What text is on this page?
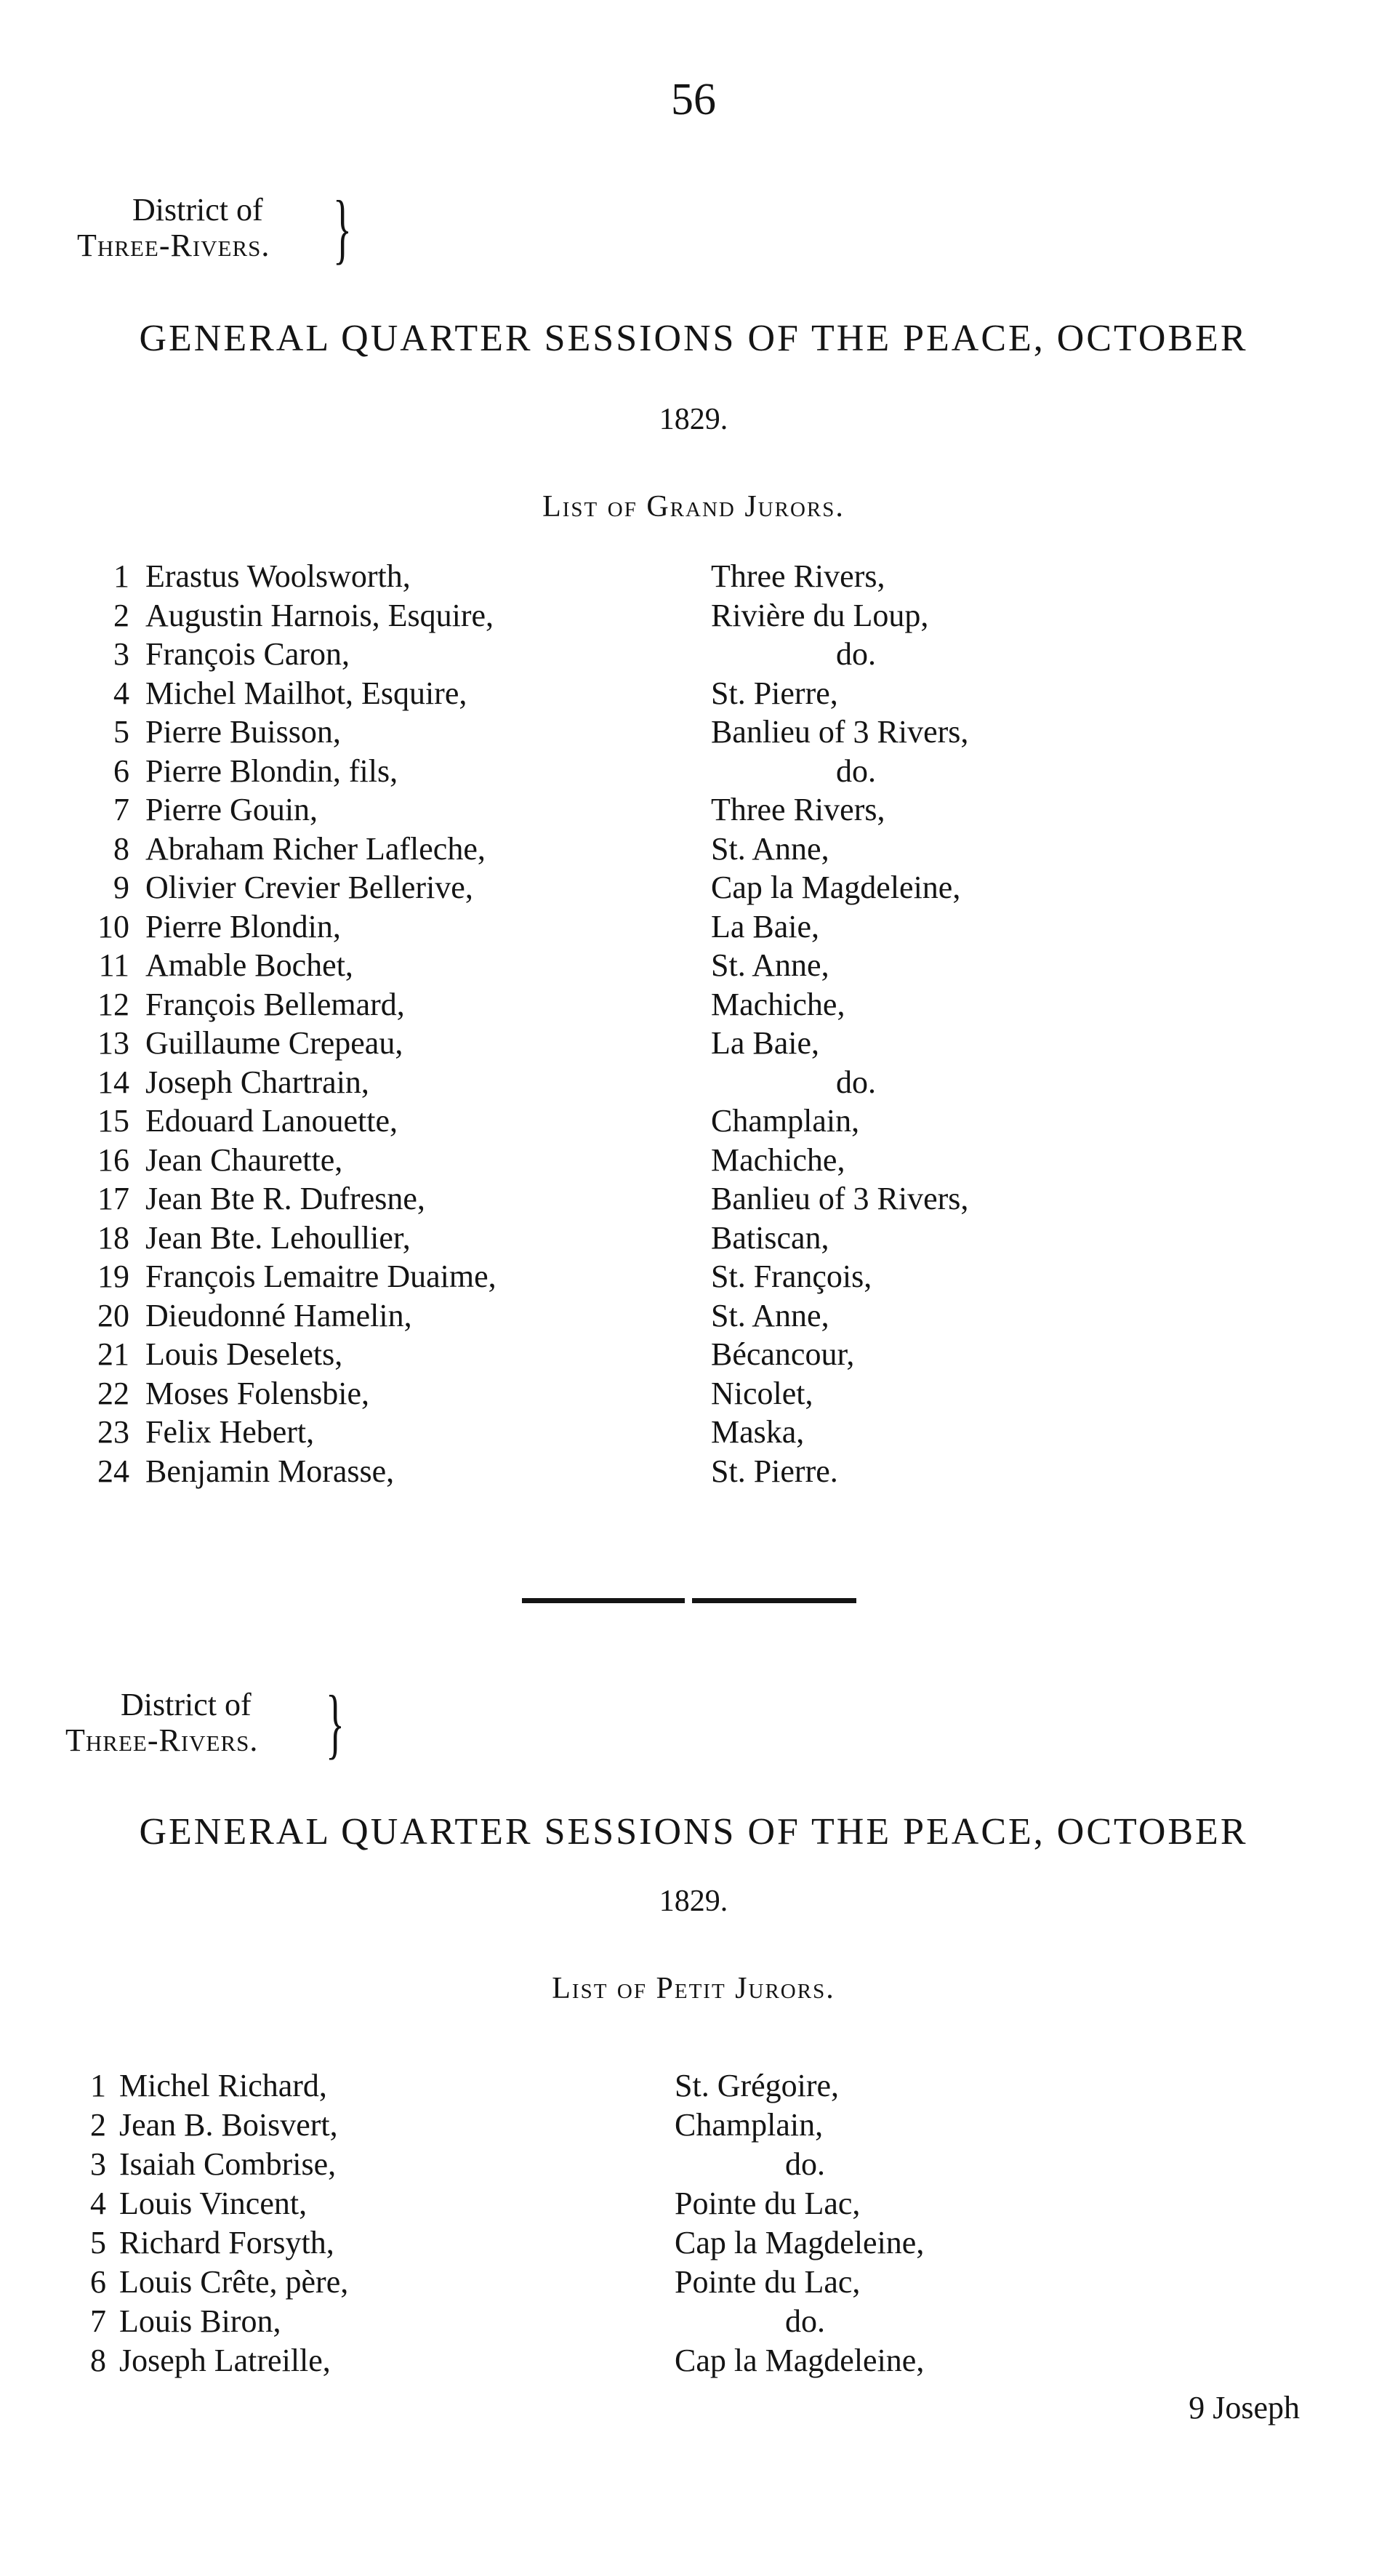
56
District of
Three-Rivers. }
GENERAL QUARTER SESSIONS OF THE PEACE, OCTOBER
1829.
List of Grand Jurors.
1 Erastus Woolsworth,	Three Rivers,
2 Augustin Harnois, Esquire,	Rivière du Loup,
3 François Caron,	do.
4 Michel Mailhot, Esquire,	St. Pierre,
5 Pierre Buisson,	Banlieu of 3 Rivers,
6 Pierre Blondin, fils,	do.
7 Pierre Gouin,	Three Rivers,
8 Abraham Richer Lafleche,	St. Anne,
9 Olivier Crevier Bellerive,	Cap la Magdeleine,
10 Pierre Blondin,	La Baie,
11 Amable Bochet,	St. Anne,
12 François Bellemard,	Machiche,
13 Guillaume Crepeau,	La Baie,
14 Joseph Chartrain,	do.
15 Edouard Lanouette,	Champlain,
16 Jean Chaurette,	Machiche,
17 Jean Bte R. Dufresne,	Banlieu of 3 Rivers,
18 Jean Bte. Lehoullier,	Batiscan,
19 François Lemaitre Duaime,	St. François,
20 Dieudonné Hamelin,	St. Anne,
21 Louis Deselets,	Bécancour,
22 Moses Folensbie,	Nicolet,
23 Felix Hebert,	Maska,
24 Benjamin Morasse,	St. Pierre.
District of
Three-Rivers. }
GENERAL QUARTER SESSIONS OF THE PEACE, OCTOBER
1829.
List of Petit Jurors.
1 Michel Richard,	St. Grégoire,
2 Jean B. Boisvert,	Champlain,
3 Isaiah Combrise,	do.
4 Louis Vincent,	Pointe du Lac,
5 Richard Forsyth,	Cap la Magdeleine,
6 Louis Crête, père,	Pointe du Lac,
7 Louis Biron,	do.
8 Joseph Latreille,	Cap la Magdeleine,
9 Joseph
